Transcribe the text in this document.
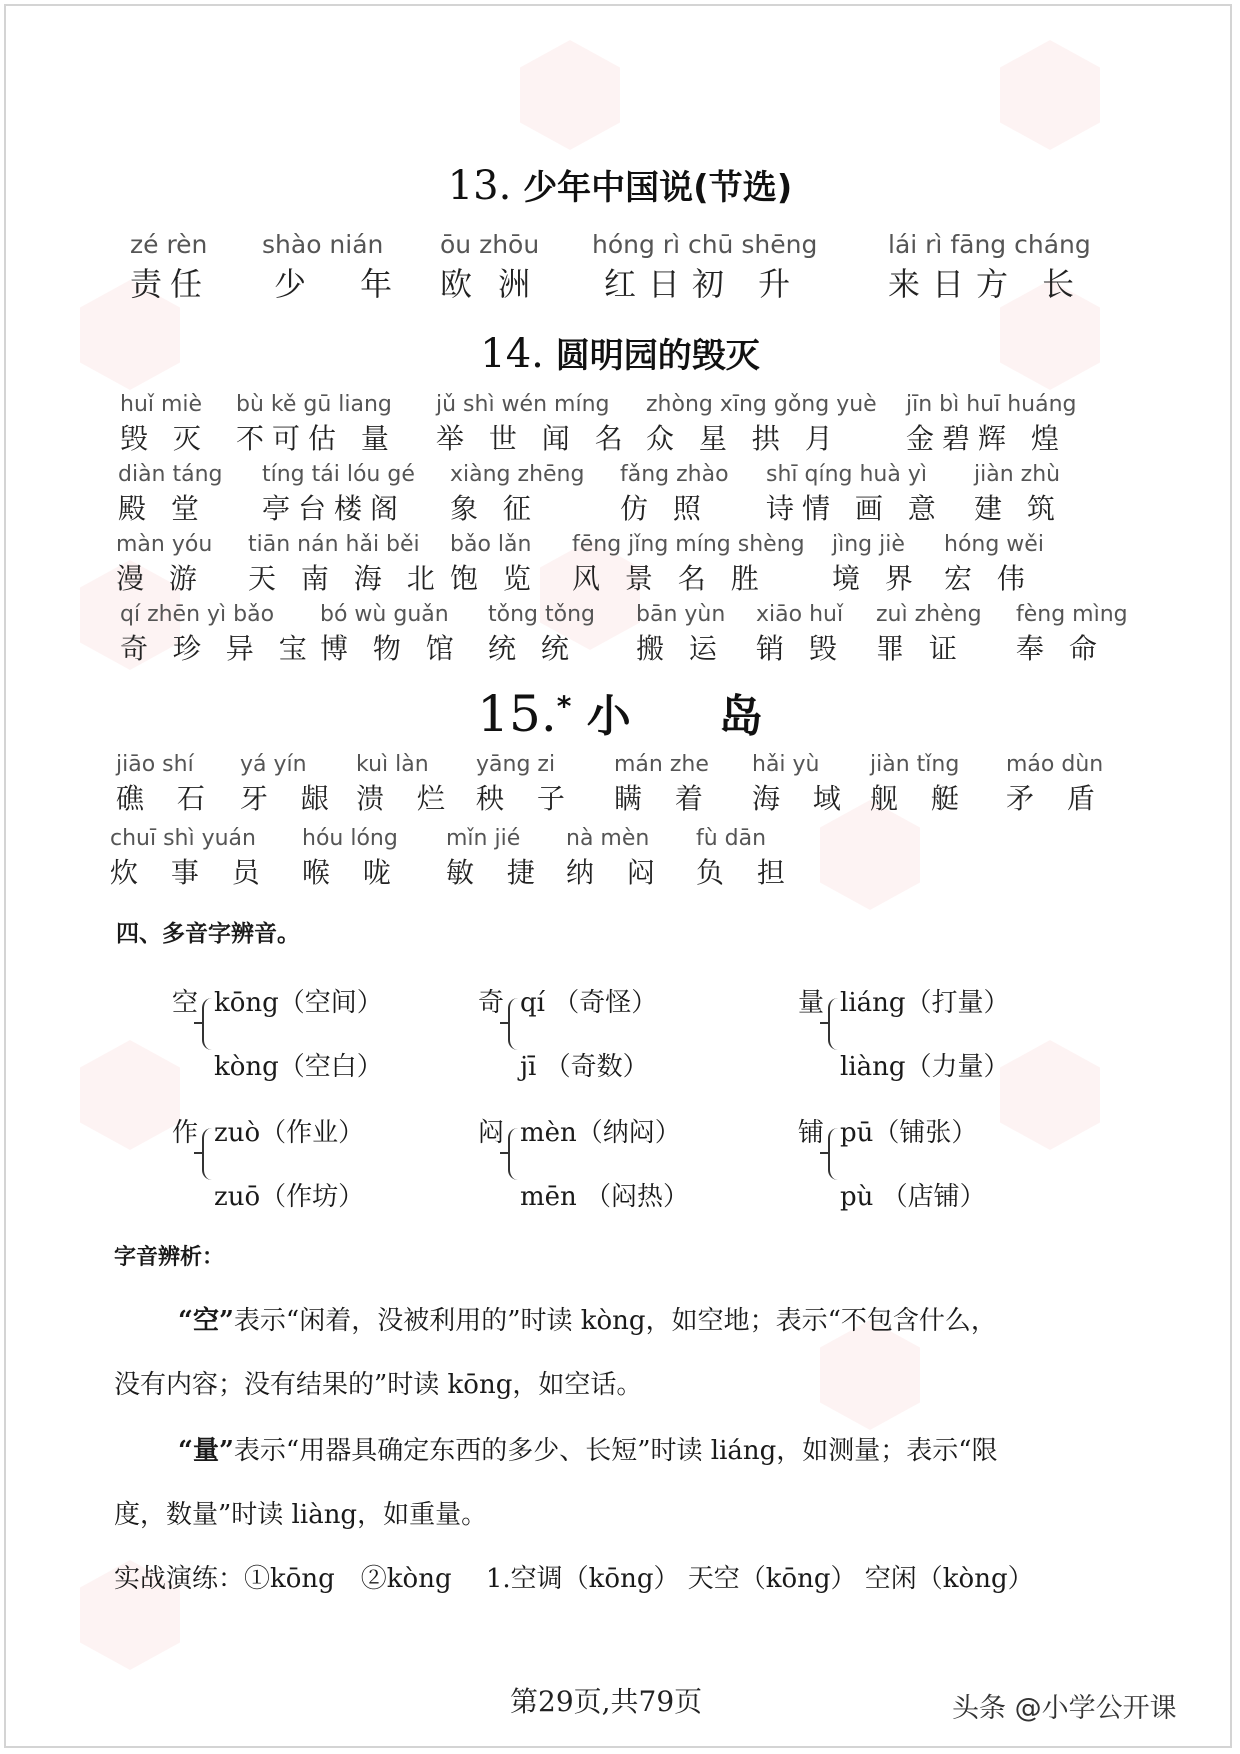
13. 少年中国说(节选)
zé rèn
责任
shào nián
少 年
ōu zhōu
欧 洲
hóng rì chū shēng
红日初 升
lái rì fāng cháng
来日方 长
14. 圆明园的毁灭
huǐ miè
毁 灭
bù kě gū liang
不可估 量
jǔ shì wén míng
举 世 闻 名
zhòng xīng gǒng yuè
众 星 拱 月
jīn bì huī huáng
金碧辉 煌
diàn táng
殿 堂
tíng tái lóu gé
亭台楼阁
xiàng zhēng
象 征
fǎng zhào
仿 照
shī qíng huà yì
诗情 画 意
jiàn zhù
建 筑
màn yóu
漫 游
tiān nán hǎi běi
天 南 海 北
bǎo lǎn
饱 览
fēng jǐng míng shèng
风 景 名 胜
jìng jiè
境 界
hóng wěi
宏 伟
qí zhēn yì bǎo
奇 珍 异 宝
bó wù guǎn
博 物 馆
tǒng tǒng
统 统
bān yùn
搬 运
xiāo huǐ
销 毁
zuì zhèng
罪 证
fèng mìng
奉 命
15.* 小　　岛
jiāo shí
礁 石
yá yín
牙 龈
kuì làn
溃 烂
yāng zi
秧 子
mán zhe
瞒 着
hǎi yù
海 域
jiàn tǐng
舰 艇
máo dùn
矛 盾
chuī shì yuán
炊 事 员
hóu lóng
喉 咙
mǐn jié
敏 捷
nà mèn
纳 闷
fù dān
负 担
四、多音字辨音。
空 kōng（空间）
kòng（空白）
奇 qí （奇怪）
jī （奇数）
量 liáng（打量）
liàng（力量）
作 zuò（作业）
zuō（作坊）
闷 mèn（纳闷）
mēn （闷热）
铺 pū（铺张）
pù （店铺）
字音辨析：
“空”表示“闲着，没被利用的”时读 kòng，如空地；表示“不包含什么，
没有内容；没有结果的”时读 kōng，如空话。
“量”表示“用器具确定东西的多少、长短”时读 liáng，如测量；表示“限
度，数量”时读 liàng，如重量。
实战演练：①kōng　②kòng　 1.空调（kōng） 天空（kōng） 空闲（kòng）
第29页,共79页	头条 @小学公开课
